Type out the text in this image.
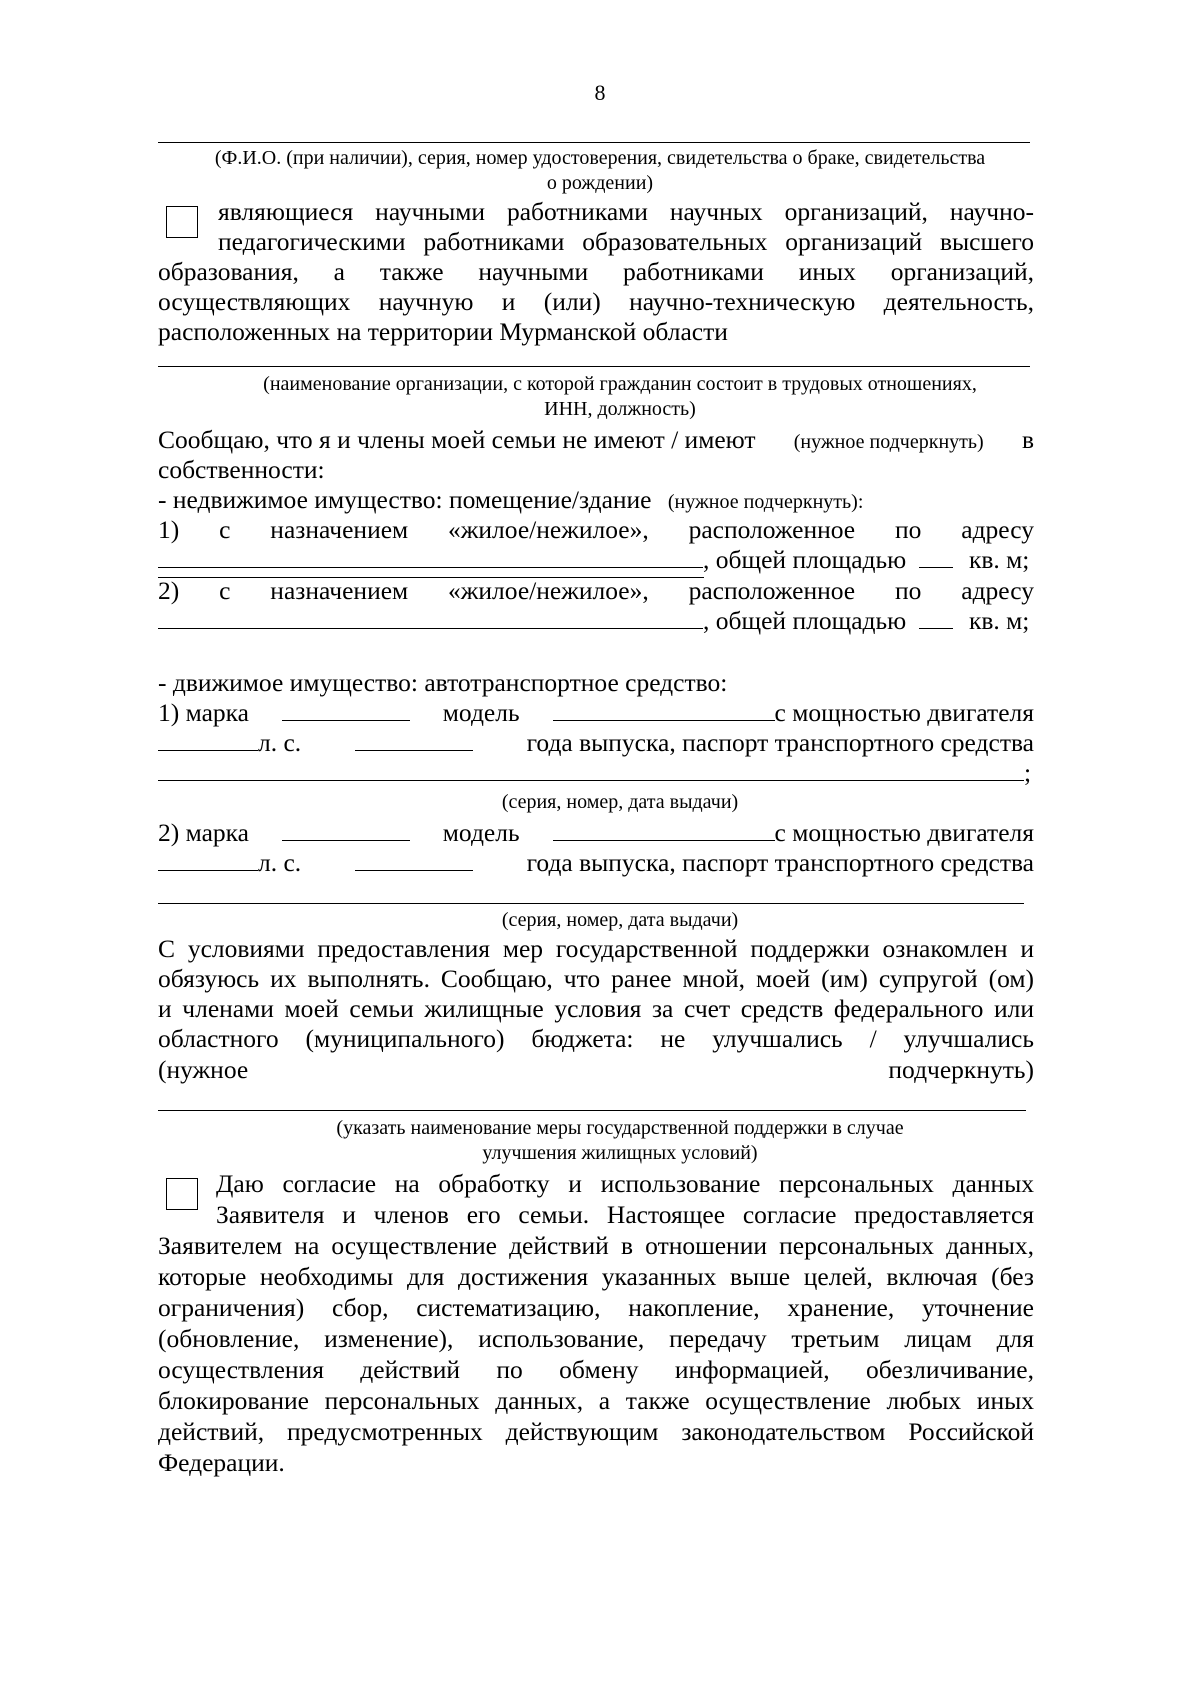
8
(Ф.И.О. (при наличии), серия, номер удостоверения, свидетельства о браке, свидетельства
о рождении)
являющиеся научными работниками научных организаций, научно-
педагогическими работниками образовательных организаций высшего
образования, а также научными работниками иных организаций,
осуществляющих научную и (или) научно-техническую деятельность,
расположенных на территории Мурманской области
(наименование организации, с которой гражданин состоит в трудовых отношениях,
ИНН, должность)
Сообщаю, что я и члены моей семьи не имеют / имеют (нужное подчеркнуть) в
собственности:
- недвижимое имущество: помещение/здание (нужное подчеркнуть):
1) с назначением «жилое/нежилое», расположенное по адресу
, общей площадью кв. м;
2) с назначением «жилое/нежилое», расположенное по адресу
, общей площадью кв. м;
- движимое имущество: автотранспортное средство:
1) марка	модель	с мощностью двигателя
л. с.	года выпуска, паспорт транспортного средства
;
(серия, номер, дата выдачи)
2) марка	модель	с мощностью двигателя
л. с.	года выпуска, паспорт транспортного средства
(серия, номер, дата выдачи)
С условиями предоставления мер государственной поддержки ознакомлен и
обязуюсь их выполнять. Сообщаю, что ранее мной, моей (им) супругой (ом)
и членами моей семьи жилищные условия за счет средств федерального или
областного (муниципального) бюджета: не улучшались / улучшались
(нужное	подчеркнуть)
(указать наименование меры государственной поддержки в случае
улучшения жилищных условий)
Даю согласие на обработку и использование персональных данных
Заявителя и членов его семьи. Настоящее согласие предоставляется
Заявителем на осуществление действий в отношении персональных данных,
которые необходимы для достижения указанных выше целей, включая (без
ограничения) сбор, систематизацию, накопление, хранение, уточнение
(обновление, изменение), использование, передачу третьим лицам для
осуществления действий по обмену информацией, обезличивание,
блокирование персональных данных, а также осуществление любых иных
действий, предусмотренных действующим законодательством Российской
Федерации.
